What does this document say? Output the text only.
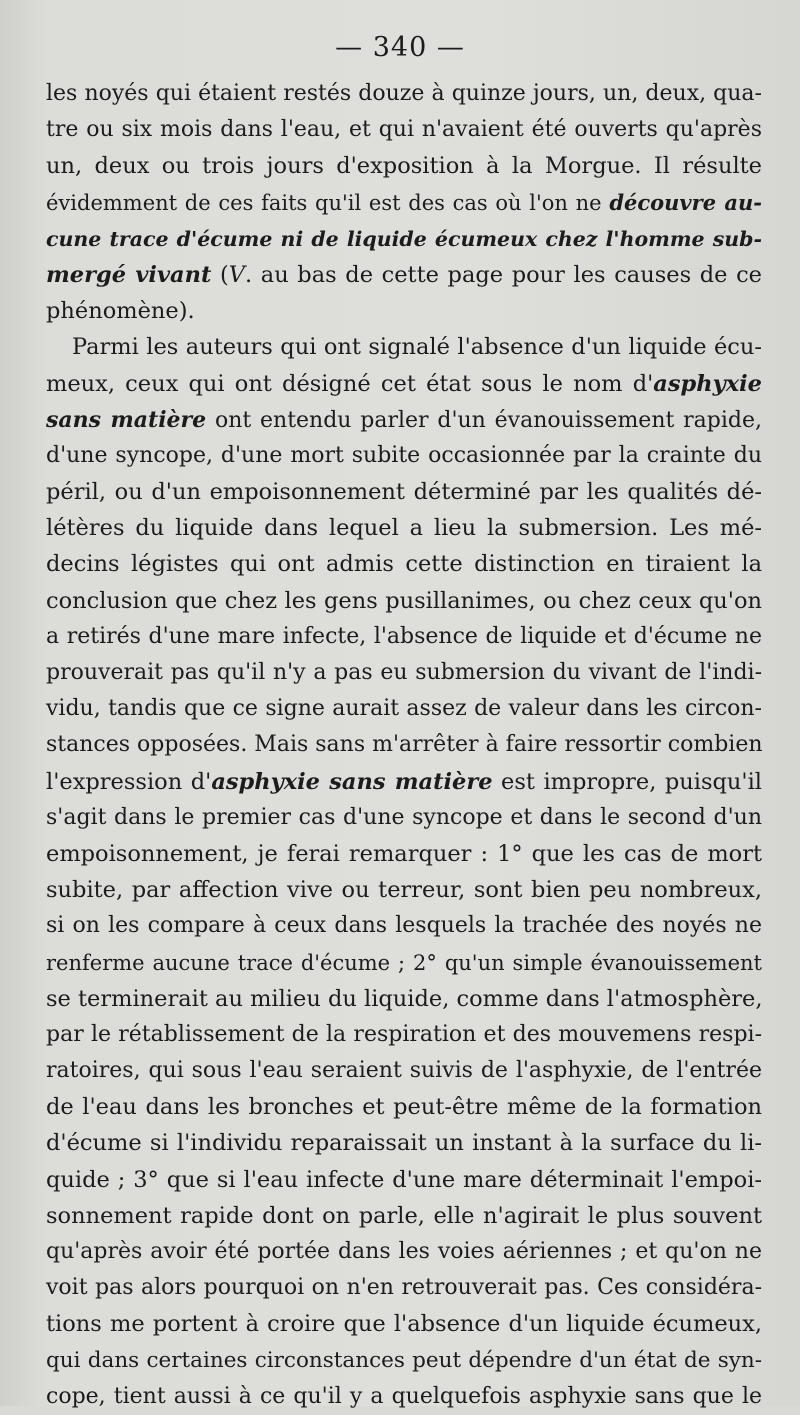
— 340 —
les noyés qui étaient restés douze à quinze jours, un, deux, qua-
tre ou six mois dans l'eau, et qui n'avaient été ouverts qu'après
un, deux ou trois jours d'exposition à la Morgue. Il résulte
évidemment de ces faits qu'il est des cas où l'on ne découvre au-
cune trace d'écume ni de liquide écumeux chez l'homme sub-
mergé vivant (V. au bas de cette page pour les causes de ce
phénomène).
Parmi les auteurs qui ont signalé l'absence d'un liquide écu-
meux, ceux qui ont désigné cet état sous le nom d'asphyxie
sans matière ont entendu parler d'un évanouissement rapide,
d'une syncope, d'une mort subite occasionnée par la crainte du
péril, ou d'un empoisonnement déterminé par les qualités dé-
létères du liquide dans lequel a lieu la submersion. Les mé-
decins légistes qui ont admis cette distinction en tiraient la
conclusion que chez les gens pusillanimes, ou chez ceux qu'on
a retirés d'une mare infecte, l'absence de liquide et d'écume ne
prouverait pas qu'il n'y a pas eu submersion du vivant de l'indi-
vidu, tandis que ce signe aurait assez de valeur dans les circon-
stances opposées. Mais sans m'arrêter à faire ressortir combien
l'expression d'asphyxie sans matière est impropre, puisqu'il
s'agit dans le premier cas d'une syncope et dans le second d'un
empoisonnement, je ferai remarquer : 1° que les cas de mort
subite, par affection vive ou terreur, sont bien peu nombreux,
si on les compare à ceux dans lesquels la trachée des noyés ne
renferme aucune trace d'écume ; 2° qu'un simple évanouissement
se terminerait au milieu du liquide, comme dans l'atmosphère,
par le rétablissement de la respiration et des mouvemens respi-
ratoires, qui sous l'eau seraient suivis de l'asphyxie, de l'entrée
de l'eau dans les bronches et peut-être même de la formation
d'écume si l'individu reparaissait un instant à la surface du li-
quide ; 3° que si l'eau infecte d'une mare déterminait l'empoi-
sonnement rapide dont on parle, elle n'agirait le plus souvent
qu'après avoir été portée dans les voies aériennes ; et qu'on ne
voit pas alors pourquoi on n'en retrouverait pas. Ces considéra-
tions me portent à croire que l'absence d'un liquide écumeux,
qui dans certaines circonstances peut dépendre d'un état de syn-
cope, tient aussi à ce qu'il y a quelquefois asphyxie sans que le
